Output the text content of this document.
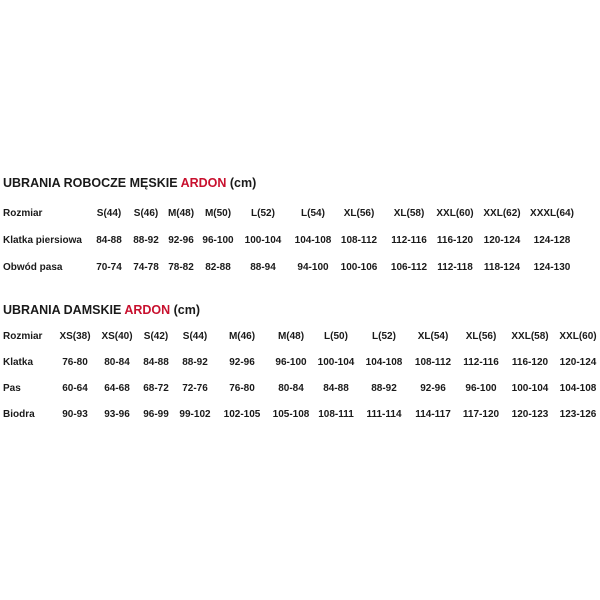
UBRANIA ROBOCZE MĘSKIE ARDON (cm)
Rozmiar	S(44) S(46) M(48) M(50) L(52)	L(54) XL(56) XL(58) XXL(60) XXL(62) XXXL(64)
Klatka piersiowa 84-88 88-92 92-96 96-100 100-104 104-108 108-112 112-116 116-120 120-124 124-128
Obwód pasa	70-74 74-78 78-82 82-88 88-94 94-100 100-106 106-112 112-118 118-124 124-130
UBRANIA DAMSKIE ARDON (cm)
Rozmiar XS(38) XS(40) S(42) S(44) M(46) M(48) L(50) L(52) XL(54) XL(56) XXL(58) XXL(60)
Klatka	76-80 80-84 84-88 88-92 92-96 96-100 100-104 104-108 108-112 112-116 116-120 120-124
Pas	60-64 64-68 68-72 72-76 76-80 80-84 84-88 88-92 92-96 96-100 100-104 104-108
Biodra	90-93 93-96 96-99 99-102 102-105 105-108 108-111 111-114 114-117 117-120 120-123 123-126
